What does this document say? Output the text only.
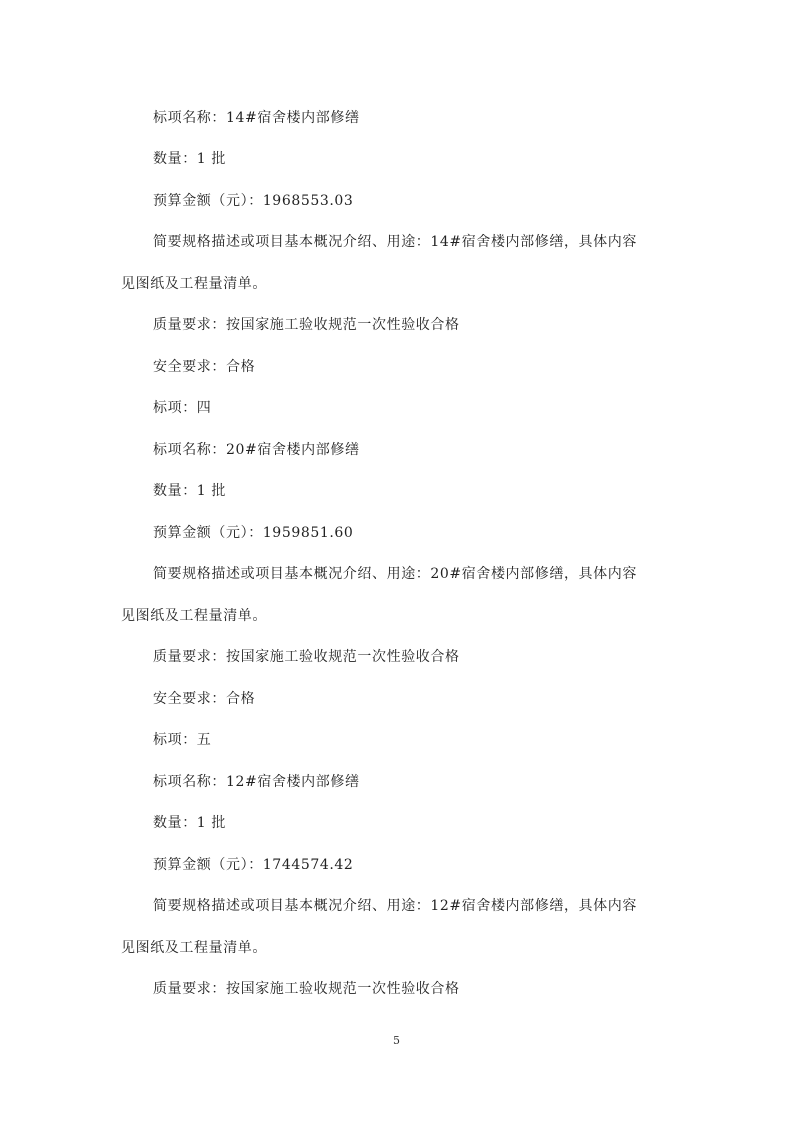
标项名称：14#宿舍楼内部修缮
数量：1 批
预算金额（元）：1968553.03
简要规格描述或项目基本概况介绍、用途：14#宿舍楼内部修缮，具体内容
见图纸及工程量清单。
质量要求：按国家施工验收规范一次性验收合格
安全要求：合格
标项：四
标项名称：20#宿舍楼内部修缮
数量：1 批
预算金额（元）：1959851.60
简要规格描述或项目基本概况介绍、用途：20#宿舍楼内部修缮，具体内容
见图纸及工程量清单。
质量要求：按国家施工验收规范一次性验收合格
安全要求：合格
标项：五
标项名称：12#宿舍楼内部修缮
数量：1 批
预算金额（元）：1744574.42
简要规格描述或项目基本概况介绍、用途：12#宿舍楼内部修缮，具体内容
见图纸及工程量清单。
质量要求：按国家施工验收规范一次性验收合格
5
